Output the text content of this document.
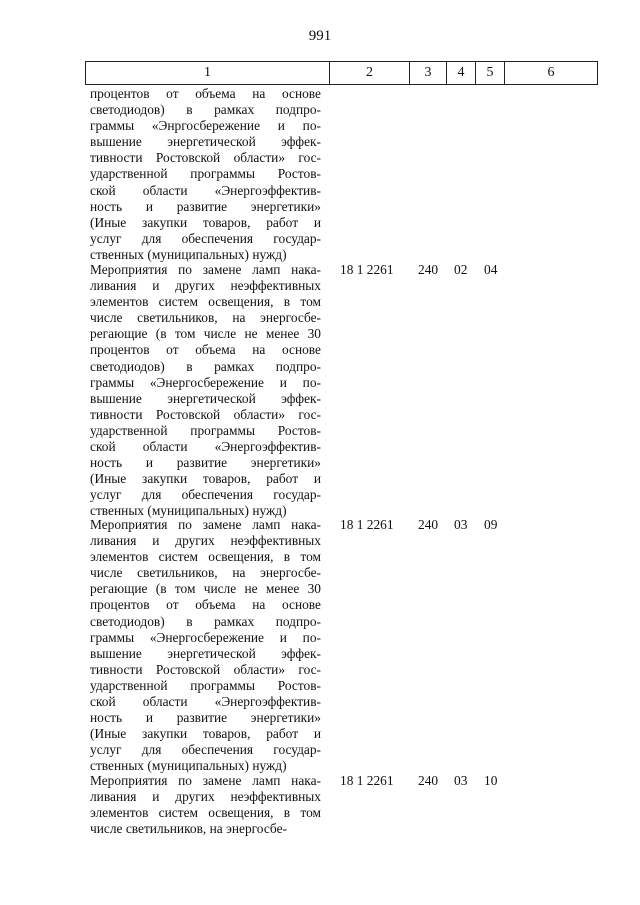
991
1	2	3	4	5	6
процентов от объема на основе
светодиодов) в рамках подпро-
граммы «Энргосбережение и по-
вышение энергетической эффек-
тивности Ростовской области» гос-
ударственной программы Ростов-
ской области «Энергоэффектив-
ность и развитие энергетики»
(Иные закупки товаров, работ и
услуг для обеспечения государ-
ственных (муниципальных) нужд)
Мероприятия по замене ламп нака-
ливания и других неэффективных
элементов систем освещения, в том
числе светильников, на энергосбе-
регающие (в том числе не менее 30
процентов от объема на основе
светодиодов) в рамках подпро-
граммы «Энергосбережение и по-
вышение энергетической эффек-
тивности Ростовской области» гос-
ударственной программы Ростов-
ской области «Энергоэффектив-
ность и развитие энергетики»
(Иные закупки товаров, работ и
услуг для обеспечения государ-
ственных (муниципальных) нужд)
18 1 2261 240 02 04
Мероприятия по замене ламп нака-
ливания и других неэффективных
элементов систем освещения, в том
числе светильников, на энергосбе-
регающие (в том числе не менее 30
процентов от объема на основе
светодиодов) в рамках подпро-
граммы «Энергосбережение и по-
вышение энергетической эффек-
тивности Ростовской области» гос-
ударственной программы Ростов-
ской области «Энергоэффектив-
ность и развитие энергетики»
(Иные закупки товаров, работ и
услуг для обеспечения государ-
ственных (муниципальных) нужд)
18 1 2261 240 03 09
Мероприятия по замене ламп нака-
ливания и других неэффективных
элементов систем освещения, в том
числе светильников, на энергосбе-
18 1 2261 240 03 10
